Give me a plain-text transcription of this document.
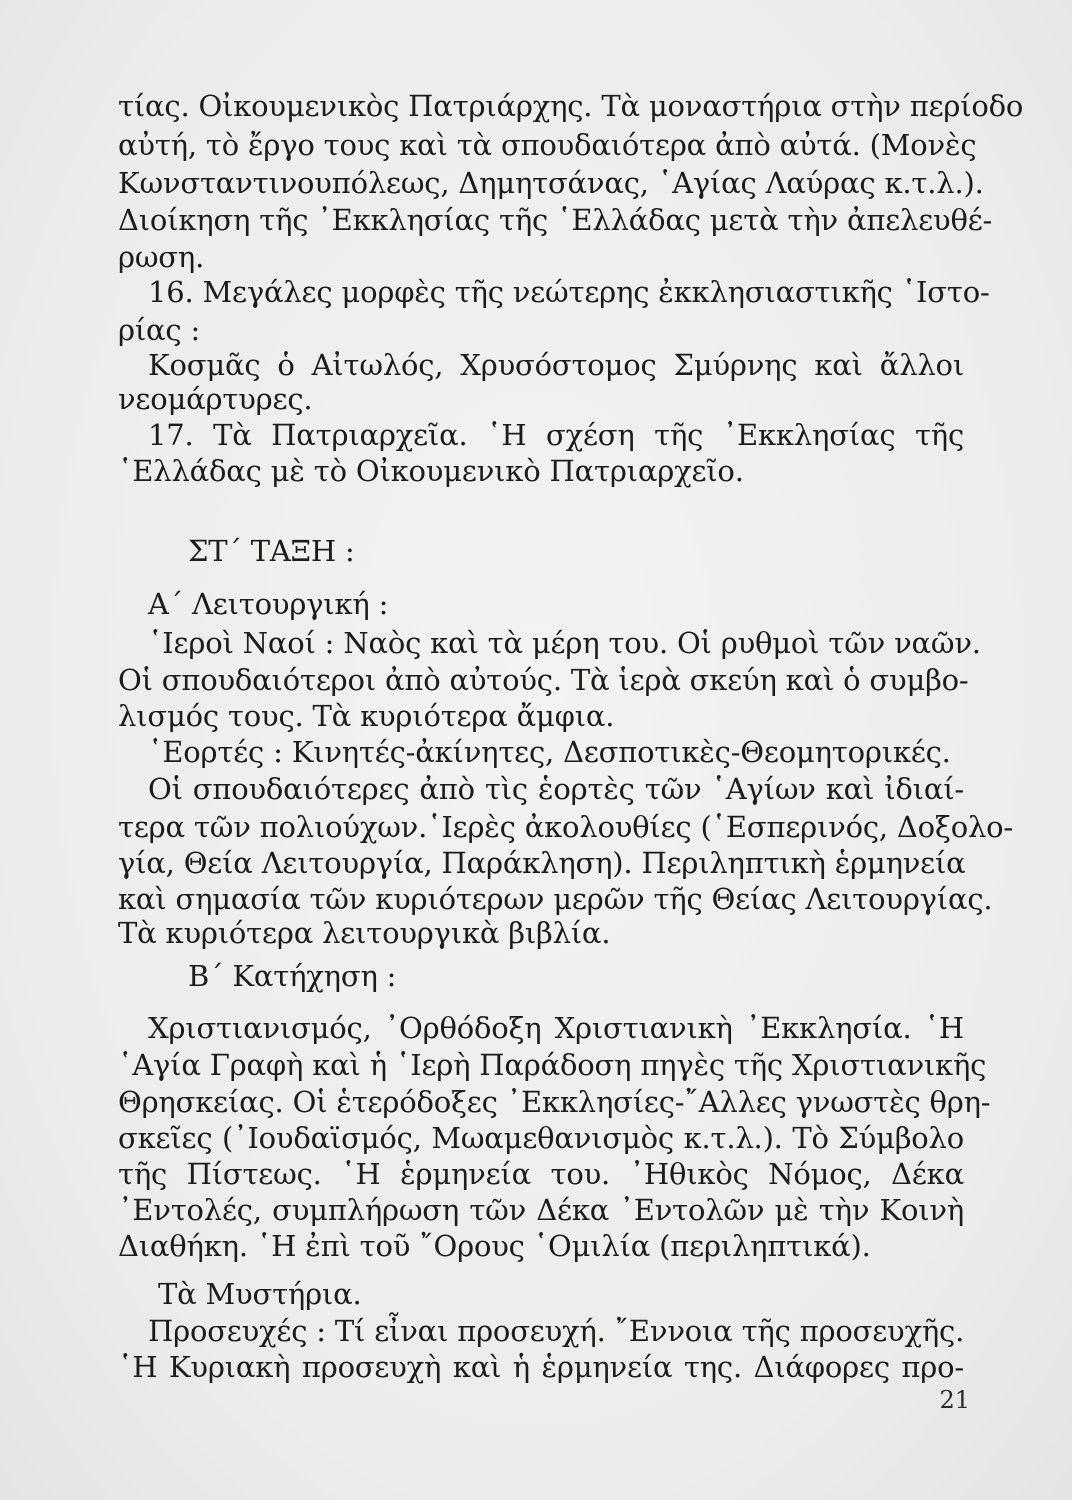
τίας. Οἰκουμενικὸς Πατριάρχης. Τὰ μοναστήρια στὴν περίοδο
αὐτή, τὸ ἔργο τους καὶ τὰ σπουδαιότερα ἀπὸ αὐτά. (Μονὲς
Κωνσταντινουπόλεως, Δημητσάνας, ῾Αγίας Λαύρας κ.τ.λ.).
Διοίκηση τῆς ᾿Εκκλησίας τῆς ῾Ελλάδας μετὰ τὴν ἀπελευθέ-
ρωση.
16. Μεγάλες μορφὲς τῆς νεώτερης ἐκκλησιαστικῆς ῾Ιστο-
ρίας :
Κοσμᾶς ὁ Αἰτωλός, Χρυσόστομος Σμύρνης καὶ ἄλλοι
νεομάρτυρες.
17. Τὰ Πατριαρχεῖα. ῾Η σχέση τῆς ᾿Εκκλησίας τῆς
῾Ελλάδας μὲ τὸ Οἰκουμενικὸ Πατριαρχεῖο.
ΣΤ΄ ΤΑΞΗ :
Α΄ Λειτουργική :
῾Ιεροὶ Ναοί : Ναὸς καὶ τὰ μέρη του. Οἱ ρυθμοὶ τῶν ναῶν.
Οἱ σπουδαιότεροι ἀπὸ αὐτούς. Τὰ ἱερὰ σκεύη καὶ ὁ συμβο-
λισμός τους. Τὰ κυριότερα ἄμφια.
῾Εορτές : Κινητές-ἀκίνητες, Δεσποτικὲς-Θεομητορικές.
Οἱ σπουδαιότερες ἀπὸ τὶς ἑορτὲς τῶν ῾Αγίων καὶ ἰδιαί-
τερα τῶν πολιούχων.῾Ιερὲς ἀκολουθίες (῾Εσπερινός, Δοξολο-
γία, Θεία Λειτουργία, Παράκληση). Περιληπτικὴ ἑρμηνεία
καὶ σημασία τῶν κυριότερων μερῶν τῆς Θείας Λειτουργίας.
Τὰ κυριότερα λειτουργικὰ βιβλία.
Β΄ Κατήχηση :
Χριστιανισμός, ᾿Ορθόδοξη Χριστιανικὴ ᾿Εκκλησία. ῾Η
῾Αγία Γραφὴ καὶ ἡ ῾Ιερὴ Παράδοση πηγὲς τῆς Χριστιανικῆς
Θρησκείας. Οἱ ἑτερόδοξες ᾿Εκκλησίες-῎Αλλες γνωστὲς θρη-
σκεῖες (᾿Ιουδαϊσμός, Μωαμεθανισμὸς κ.τ.λ.). Τὸ Σύμβολο
τῆς Πίστεως. ῾Η ἑρμηνεία του. ᾿Ηθικὸς Νόμος, Δέκα
᾿Εντολές, συμπλήρωση τῶν Δέκα ᾿Εντολῶν μὲ τὴν Κοινὴ
Διαθήκη. ῾Η ἐπὶ τοῦ ῎Ορους ῾Ομιλία (περιληπτικά).
Τὰ Μυστήρια.
Προσευχές : Τί εἶναι προσευχή. ῎Εννοια τῆς προσευχῆς.
῾Η Κυριακὴ προσευχὴ καὶ ἡ ἑρμηνεία της. Διάφορες προ-
21
